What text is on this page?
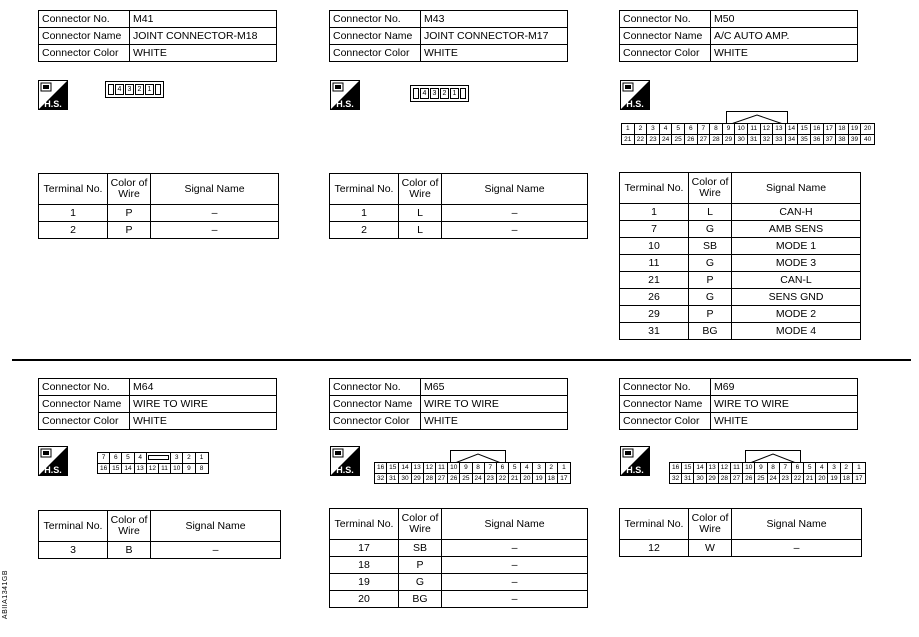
Connector No.	M41
Connector Name	JOINT CONNECTOR-M18
Connector Color	WHITE
H.S.
4 3 2 1
Terminal No.	Color of Wire	Signal Name
1	P	–
2	P	–
Connector No.	M43
Connector Name	JOINT CONNECTOR-M17
Connector Color	WHITE
H.S.
4 3 2 1
Terminal No.	Color of Wire	Signal Name
1	L	–
2	L	–
Connector No.	M50
Connector Name	A/C AUTO AMP.
Connector Color	WHITE
H.S.
1	2	3	4	5	6	7	8	9	10 11 12 13 14 15 16 17 18 19 20
21 22 23 24 25 26 27 28 29 30 31 32 33 34 35 36 37 38 39 40
Terminal No.	Color of Wire	Signal Name
1	L	CAN-H
7	G	AMB SENS
10	SB	MODE 1
11	G	MODE 3
21	P	CAN-L
26	G	SENS GND
29	P	MODE 2
31	BG	MODE 4
Connector No.	M64
Connector Name	WIRE TO WIRE
Connector Color	WHITE
H.S.
7	6	5	4	3	2	1
16 15 14 13 12 11 10	9	8
Terminal No.	Color of Wire	Signal Name
3	B	–
Connector No.	M65
Connector Name	WIRE TO WIRE
Connector Color	WHITE
H.S.	16 15 14 13 12 11 10	9	8	7	6	5	4	3	2	1
32 31 30 29 28 27 26 25 24 23 22 21 20 19 18 17
Terminal No.	Color of Wire	Signal Name
17	SB	–
18	P	–
19	G	–
20	BG	–
Connector No.	M69
Connector Name	WIRE TO WIRE
Connector Color	WHITE
H.S.	16 15 14 13 12 11 10	9	8	7	6	5	4	3	2	1
32 31 30 29 28 27 26 25 24 23 22 21 20 19 18 17
Terminal No.	Color of Wire	Signal Name
12	W	–
ABIIA1341GB
